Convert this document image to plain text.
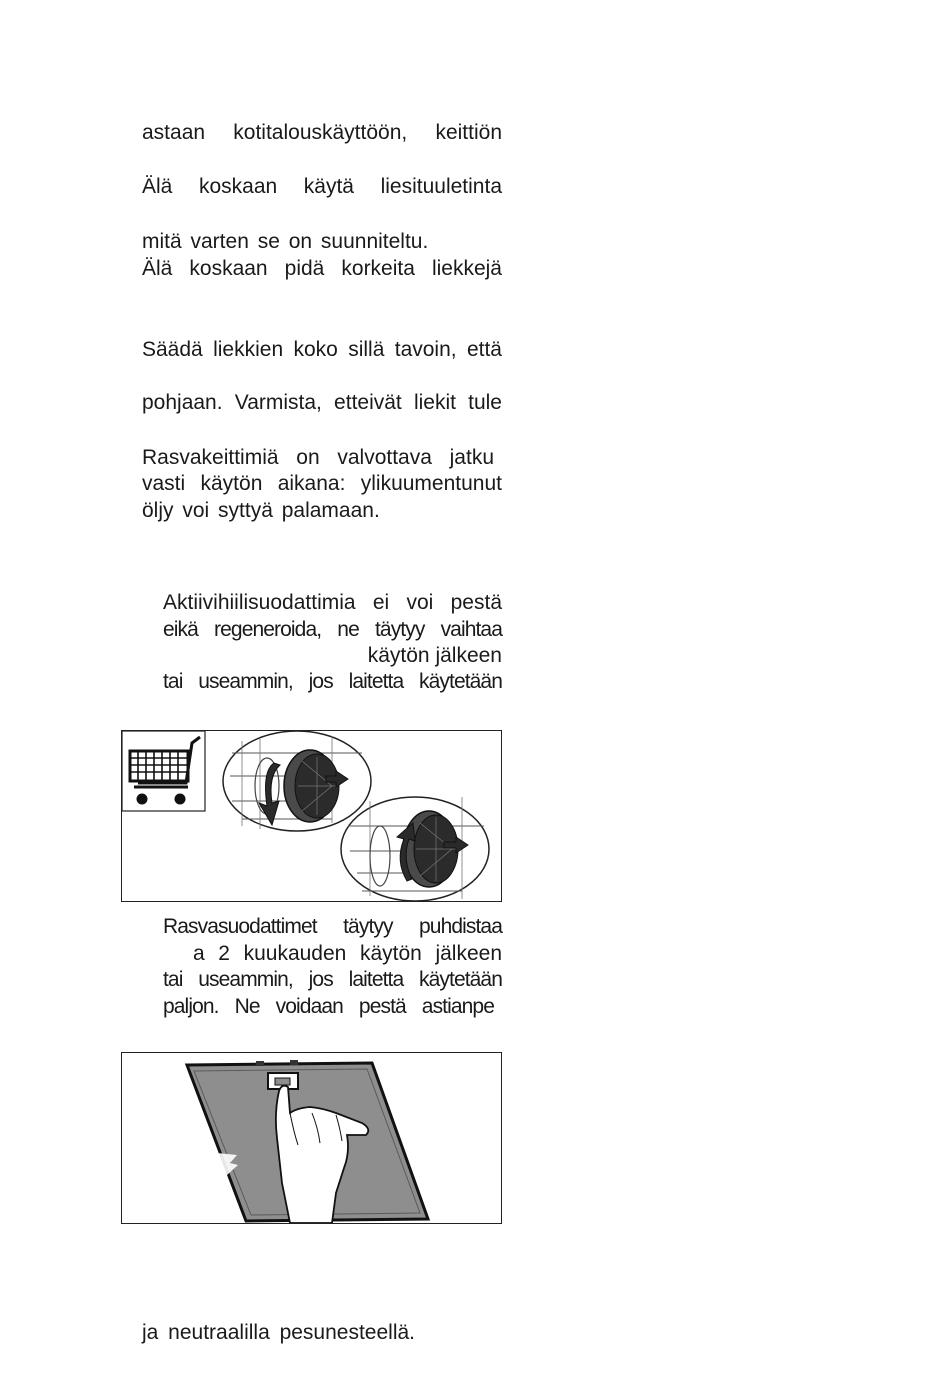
astaan kotitalouskäyttöön, keittiön

Älä koskaan käytä liesituuletinta

mitä varten se on suunniteltu.

Älä koskaan pidä korkeita liekkejä

Säädä liekkien koko sillä tavoin, että

pohjaan. Varmista, etteivät liekit tule

Rasvakeittimiä on valvottava jatku

vasti käytön aikana: ylikuumentunut

öljy voi syttyä palamaan.

Aktiivihiilisuodattimia ei voi pestä

eikä regeneroida, ne täytyy vaihtaa

käytön jälkeen

tai useammin, jos laitetta käytetään

Rasvasuodattimet täytyy puhdistaa

a 2 kuukauden käytön jälkeen

tai useammin, jos laitetta käytetään

paljon. Ne voidaan pestä astianpe

ja neutraalilla pesunesteellä.
